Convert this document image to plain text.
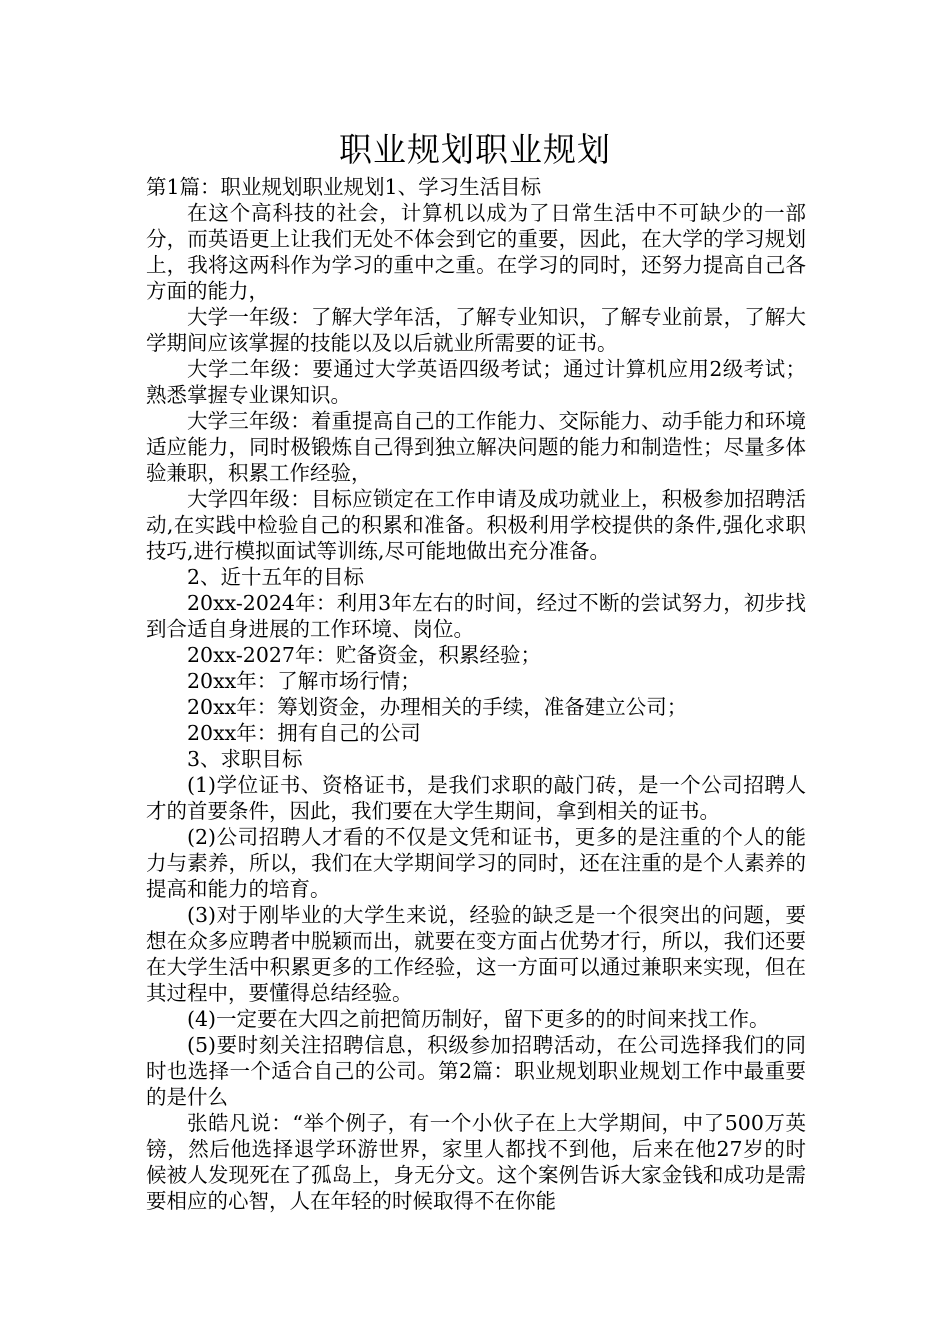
职业规划职业规划

第1篇：职业规划职业规划1、学习生活目标

在这个高科技的社会，计算机以成为了日常生活中不可缺少的一部分，而英语更上让我们无处不体会到它的重要，因此，在大学的学习规划上，我将这两科作为学习的重中之重。在学习的同时，还努力提高自己各方面的能力，

大学一年级：了解大学年活，了解专业知识，了解专业前景，了解大学期间应该掌握的技能以及以后就业所需要的证书。

大学二年级：要通过大学英语四级考试；通过计算机应用2级考试；熟悉掌握专业课知识。

大学三年级：着重提高自己的工作能力、交际能力、动手能力和环境适应能力，同时极锻炼自己得到独立解决问题的能力和制造性；尽量多体验兼职，积累工作经验，

大学四年级：目标应锁定在工作申请及成功就业上，积极参加招聘活动,在实践中检验自己的积累和准备。积极利用学校提供的条件,强化求职技巧,进行模拟面试等训练,尽可能地做出充分准备。

2、近十五年的目标

20xx-2024年：利用3年左右的时间，经过不断的尝试努力，初步找到合适自身进展的工作环境、岗位。

20xx-2027年：贮备资金，积累经验；

20xx年：了解市场行情；

20xx年：筹划资金，办理相关的手续，准备建立公司；

20xx年：拥有自己的公司

3、求职目标

(1)学位证书、资格证书，是我们求职的敲门砖，是一个公司招聘人才的首要条件，因此，我们要在大学生期间，拿到相关的证书。

(2)公司招聘人才看的不仅是文凭和证书，更多的是注重的个人的能力与素养，所以，我们在大学期间学习的同时，还在注重的是个人素养的提高和能力的培育。

(3)对于刚毕业的大学生来说，经验的缺乏是一个很突出的问题，要想在众多应聘者中脱颖而出，就要在变方面占优势才行，所以，我们还要在大学生活中积累更多的工作经验，这一方面可以通过兼职来实现，但在其过程中，要懂得总结经验。

(4)一定要在大四之前把简历制好，留下更多的的时间来找工作。

(5)要时刻关注招聘信息，积级参加招聘活动，在公司选择我们的同时也选择一个适合自己的公司。第2篇：职业规划职业规划工作中最重要的是什么

张皓凡说：“举个例子，有一个小伙子在上大学期间，中了500万英镑，然后他选择退学环游世界，家里人都找不到他，后来在他27岁的时候被人发现死在了孤岛上，身无分文。这个案例告诉大家金钱和成功是需要相应的心智，人在年轻的时候取得不在你能
